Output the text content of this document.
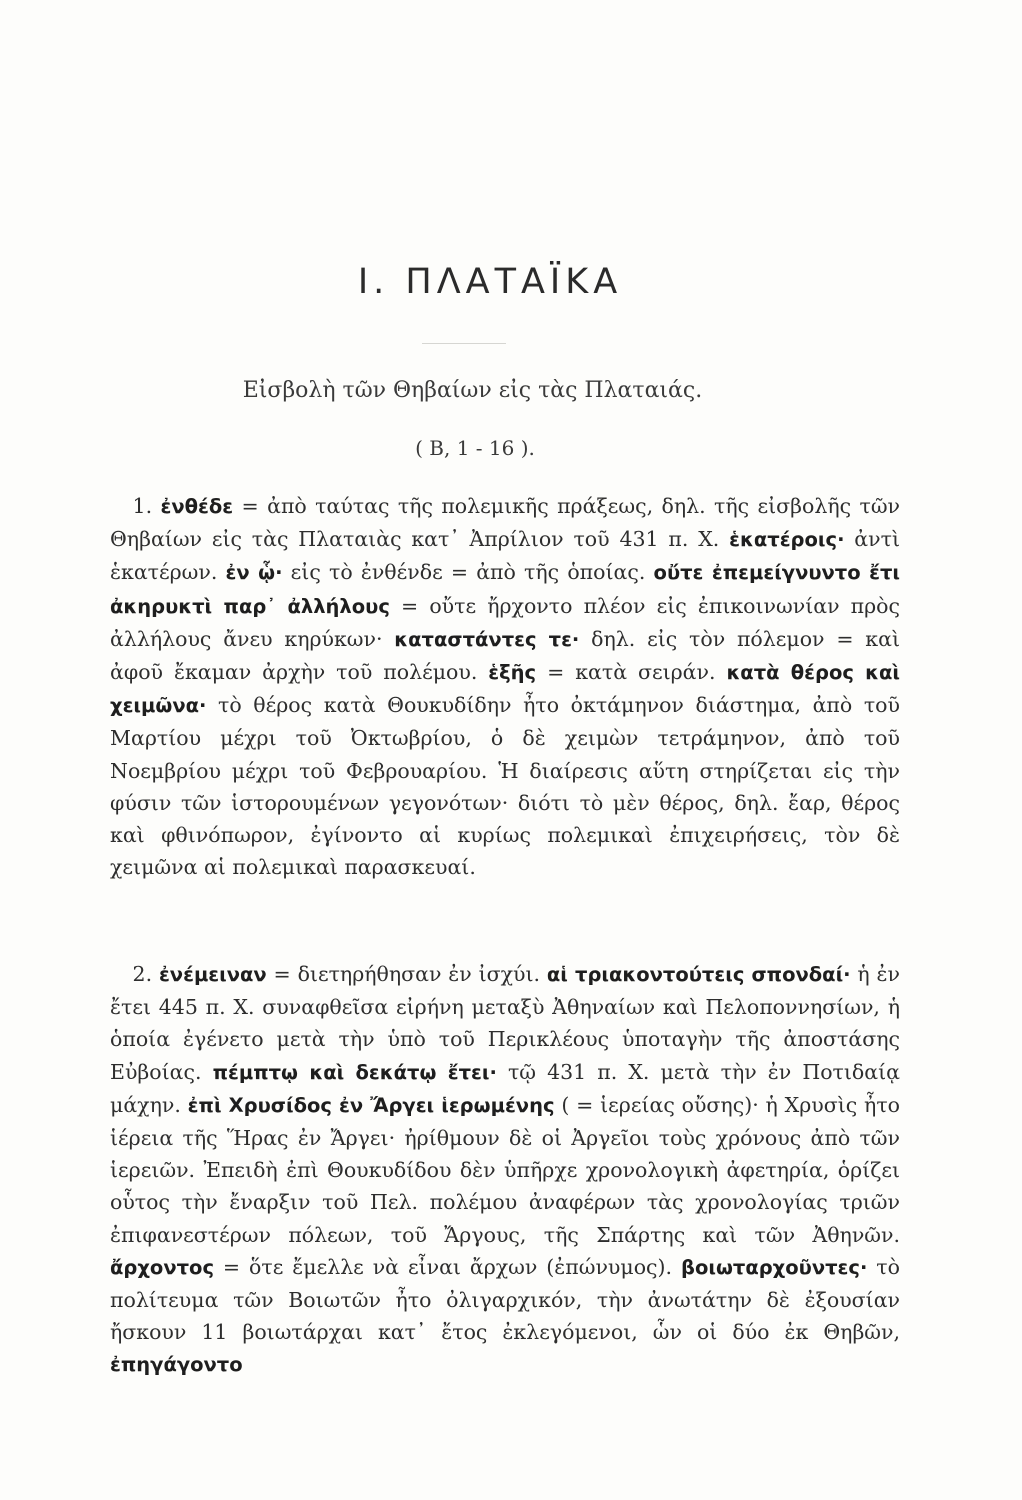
I. ΠΛΑΤΑΪΚΑ
Εἰσβολὴ τῶν Θηβαίων εἰς τὰς Πλαταιάς.
( Β, 1 - 16 ).

1. ἐνθέδε = ἀπὸ ταύτας τῆς πολεμικῆς πράξεως, δηλ. τῆς εἰσβολῆς τῶν Θηβαίων εἰς τὰς Πλαταιὰς κατ᾽ Ἀπρίλιον τοῦ 431 π. Χ. ἑκατέροις· ἀντὶ ἑκατέρων. ἐν ᾧ· εἰς τὸ ἐνθένδε = ἀπὸ τῆς ὁποίας. οὔτε ἐπεμείγνυντο ἔτι ἀκηρυκτὶ παρ᾽ ἀλλήλους = οὔτε ἤρχοντο πλέον εἰς ἐπικοινωνίαν πρὸς ἀλλήλους ἄνευ κηρύκων· καταστάντες τε· δηλ. εἰς τὸν πόλεμον = καὶ ἀφοῦ ἔκαμαν ἀρχὴν τοῦ πολέμου. ἑξῆς = κατὰ σειράν. κατὰ θέρος καὶ χειμῶνα· τὸ θέρος κατὰ Θουκυδίδην ἦτο ὀκτάμηνον διάστημα, ἀπὸ τοῦ Μαρτίου μέχρι τοῦ Ὀκτωβρίου, ὁ δὲ χειμὼν τετράμηνον, ἀπὸ τοῦ Νοεμβρίου μέχρι τοῦ Φεβρουαρίου. Ἡ διαίρεσις αὕτη στηρίζεται εἰς τὴν φύσιν τῶν ἱστορουμένων γεγονότων· διότι τὸ μὲν θέρος, δηλ. ἔαρ, θέρος καὶ φθινόπωρον, ἐγίνοντο αἱ κυρίως πολεμικαὶ ἐπιχειρήσεις, τὸν δὲ χειμῶνα αἱ πολεμικαὶ παρασκευαί.

2. ἐνέμειναν = διετηρήθησαν ἐν ἰσχύι. αἱ τριακοντούτεις σπονδαί· ἡ ἐν ἔτει 445 π. Χ. συναφθεῖσα εἰρήνη μεταξὺ Ἀθηναίων καὶ Πελοποννησίων, ἡ ὁποία ἐγένετο μετὰ τὴν ὑπὸ τοῦ Περικλέους ὑποταγὴν τῆς ἀποστάσης Εὐβοίας. πέμπτῳ καὶ δεκάτῳ ἔτει· τῷ 431 π. Χ. μετὰ τὴν ἐν Ποτιδαίᾳ μάχην. ἐπὶ Χρυσίδος ἐν Ἄργει ἱερωμένης ( = ἱερείας οὔσης)· ἡ Χρυσὶς ἦτο ἱέρεια τῆς Ἥρας ἐν Ἄργει· ἠρίθμουν δὲ οἱ Ἀργεῖοι τοὺς χρόνους ἀπὸ τῶν ἱερειῶν. Ἐπειδὴ ἐπὶ Θουκυδίδου δὲν ὑπῆρχε χρονολογικὴ ἀφετηρία, ὁρίζει οὗτος τὴν ἔναρξιν τοῦ Πελ. πολέμου ἀναφέρων τὰς χρονολογίας τριῶν ἐπιφανεστέρων πόλεων, τοῦ Ἄργους, τῆς Σπάρτης καὶ τῶν Ἀθηνῶν. ἄρχοντος = ὅτε ἔμελλε νὰ εἶναι ἄρχων (ἐπώνυμος). βοιωταρχοῦντες· τὸ πολίτευμα τῶν Βοιωτῶν ἦτο ὀλιγαρχικόν, τὴν ἀνωτάτην δὲ ἐξουσίαν ἤσκουν 11 βοιωτάρχαι κατ᾽ ἔτος ἐκλεγόμενοι, ὧν οἱ δύο ἐκ Θηβῶν, ἐπηγάγοντο
